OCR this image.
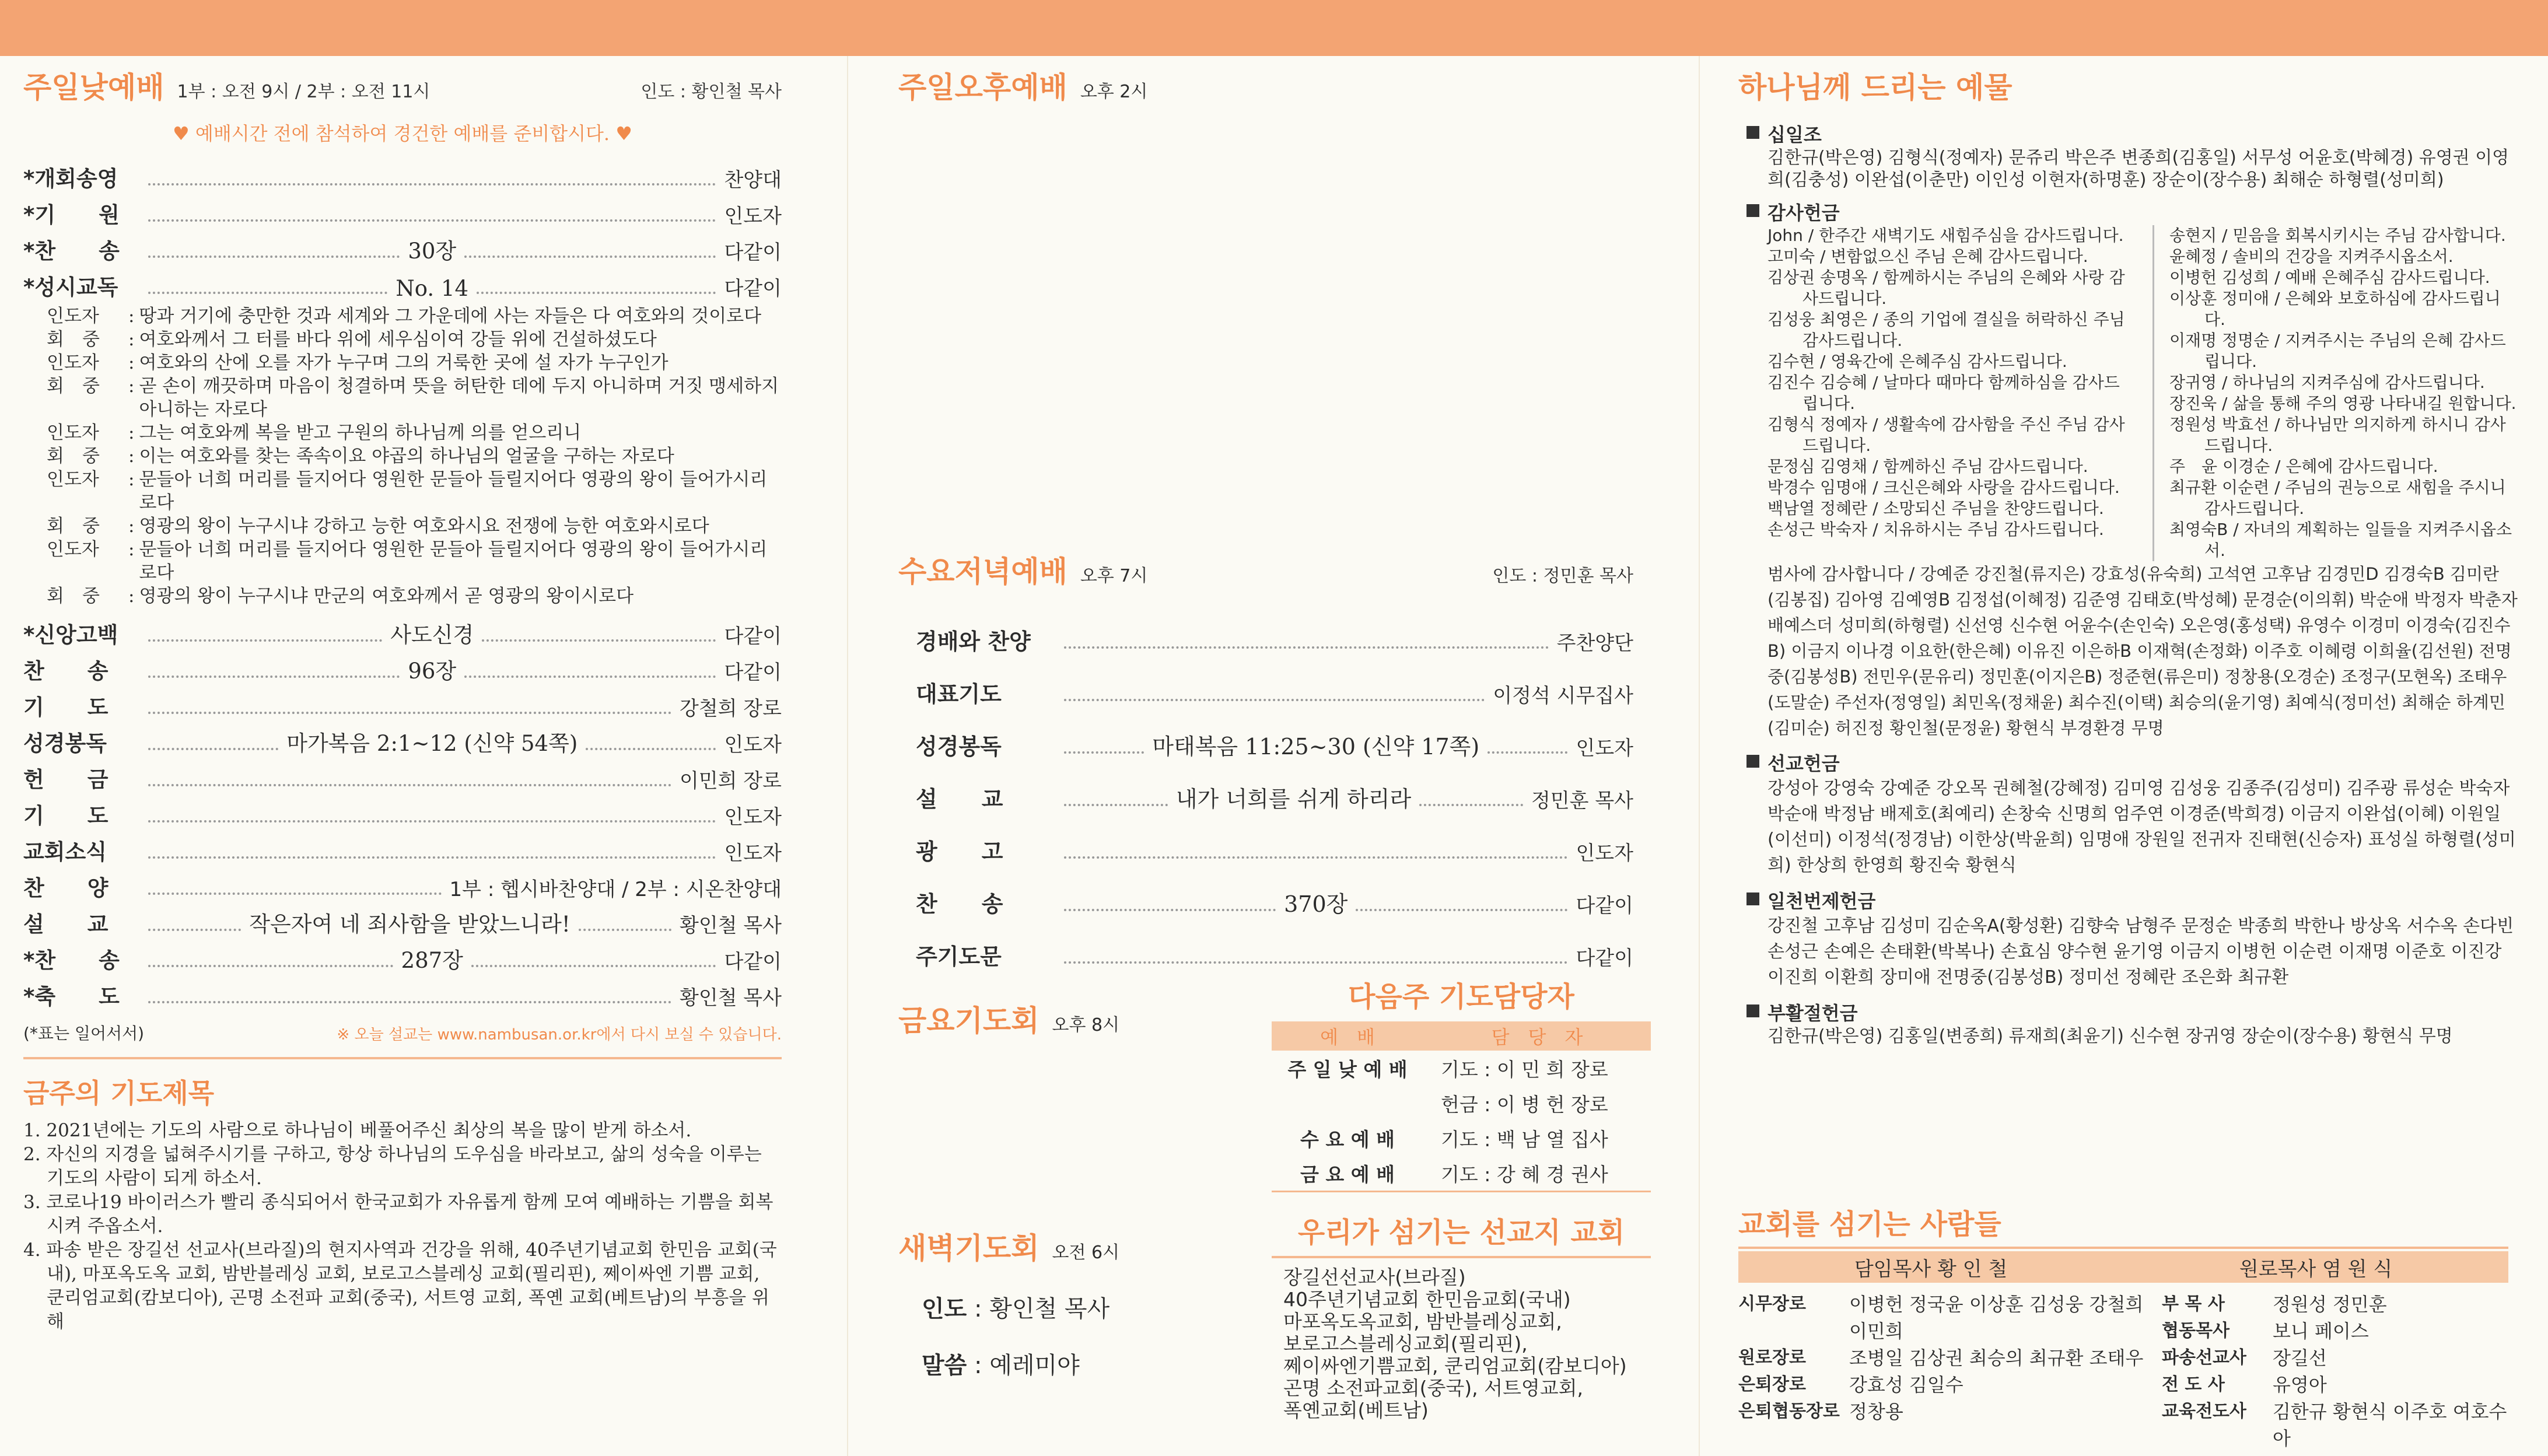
주일낮예배 1부 : 오전 9시 / 2부 : 오전 11시	인도 : 황인철 목사
♥ 예배시간 전에 참석하여 경건한 예배를 준비합시다. ♥
*개회송영	찬양대
*기　　원	인도자
*찬　　송	30장	다같이
*성시교독	No. 14	다같이
인도자	: 땅과 거기에 충만한 것과 세계와 그 가운데에 사는 자들은 다 여호와의 것이로다
회　중	: 여호와께서 그 터를 바다 위에 세우심이여 강들 위에 건설하셨도다
인도자	: 여호와의 산에 오를 자가 누구며 그의 거룩한 곳에 설 자가 누구인가
회　중	: 곧 손이 깨끗하며 마음이 청결하며 뜻을 허탄한 데에 두지 아니하며 거짓 맹세하지 아니하는 자로다
인도자	: 그는 여호와께 복을 받고 구원의 하나님께 의를 얻으리니
회　중	: 이는 여호와를 찾는 족속이요 야곱의 하나님의 얼굴을 구하는 자로다
인도자	: 문들아 너희 머리를 들지어다 영원한 문들아 들릴지어다 영광의 왕이 들어가시리로다
회　중	: 영광의 왕이 누구시냐 강하고 능한 여호와시요 전쟁에 능한 여호와시로다
인도자	: 문들아 너희 머리를 들지어다 영원한 문들아 들릴지어다 영광의 왕이 들어가시리로다
회　중	: 영광의 왕이 누구시냐 만군의 여호와께서 곧 영광의 왕이시로다
*신앙고백	사도신경	다같이
찬　　송	96장	다같이
기　　도	강철희 장로
성경봉독	마가복음 2:1~12 (신약 54쪽)	인도자
헌　　금	이민희 장로
기　　도	인도자
교회소식	인도자
찬　　양	1부 : 헵시바찬양대 / 2부 : 시온찬양대
설　　교	작은자여 네 죄사함을 받았느니라!	황인철 목사
*찬　　송	287장	다같이
*축　　도	황인철 목사
(*표는 일어서서)	※ 오늘 설교는 www.nambusan.or.kr에서 다시 보실 수 있습니다.
금주의 기도제목
1. 2021년에는 기도의 사람으로 하나님이 베풀어주신 최상의 복을 많이 받게 하소서.
2. 자신의 지경을 넓혀주시기를 구하고, 항상 하나님의 도우심을 바라보고, 삶의 성숙을 이루는 기도의 사람이 되게 하소서.
3. 코로나19 바이러스가 빨리 종식되어서 한국교회가 자유롭게 함께 모여 예배하는 기쁨을 회복시켜 주옵소서.
4. 파송 받은 장길선 선교사(브라질)의 현지사역과 건강을 위해, 40주년기념교회 한민음 교회(국내), 마포옥도옥 교회, 밤반블레싱 교회, 보로고스블레싱 교회(필리핀), 쩨이싸엔 기쁨 교회, 쿤리엄교회(캄보디아), 곤명 소전파 교회(중국), 서트영 교회, 폭옌 교회(베트남)의 부흥을 위해
주일오후예배 오후 2시
수요저녁예배 오후 7시	인도 : 정민훈 목사
경배와 찬양	주찬양단
대표기도	이정석 시무집사
성경봉독	마태복음 11:25~30 (신약 17쪽)	인도자
설　　교	내가 너희를 쉬게 하리라	정민훈 목사
광　　고	인도자
찬　　송	370장	다같이
주기도문	다같이
금요기도회 오후 8시
새벽기도회 오전 6시
인도 : 황인철 목사
말씀 : 예레미야
다음주 기도담당자
예　배	담　당　자
주 일 낮 예 배	기도 : 이 민 희 장로
헌금 : 이 병 헌 장로
수 요 예 배	기도 : 백 남 열 집사
금 요 예 배	기도 : 강 혜 경 권사
우리가 섬기는 선교지 교회
장길선선교사(브라질)
40주년기념교회 한민음교회(국내)
마포옥도옥교회, 밤반블레싱교회,
보로고스블레싱교회(필리핀),
쩨이싸엔기쁨교회, 쿤리엄교회(캄보디아)
곤명 소전파교회(중국), 서트영교회,
폭옌교회(베트남)
하나님께 드리는 예물
십일조
김한규(박은영) 김형식(정예자) 문쥬리 박은주 변종희(김홍일) 서무성 어윤호(박혜경) 유영권 이영희(김충성) 이완섭(이춘만) 이인성 이현자(하명훈) 장순이(장수용) 최해순 하형렬(성미희)
감사헌금
John / 한주간 새벽기도 새힘주심을 감사드립니다.
고미숙 / 변함없으신 주님 은혜 감사드립니다.
김상권 송명옥 / 함께하시는 주님의 은혜와 사랑 감사드립니다.
김성웅 최영은 / 종의 기업에 결실을 허락하신 주님 감사드립니다.
김수현 / 영육간에 은혜주심 감사드립니다.
김진수 김승혜 / 날마다 때마다 함께하심을 감사드립니다.
김형식 정예자 / 생활속에 감사함을 주신 주님 감사드립니다.
문정심 김영채 / 함께하신 주님 감사드립니다.
박경수 임명애 / 크신은혜와 사랑을 감사드립니다.
백남열 정혜란 / 소망되신 주님을 찬양드립니다.
손성근 박숙자 / 치유하시는 주님 감사드립니다.
송현지 / 믿음을 회복시키시는 주님 감사합니다.
윤혜정 / 솔비의 건강을 지켜주시옵소서.
이병헌 김성희 / 예배 은혜주심 감사드립니다.
이상훈 정미애 / 은혜와 보호하심에 감사드립니다.
이재명 정명순 / 지켜주시는 주님의 은혜 감사드립니다.
장귀영 / 하나님의 지켜주심에 감사드립니다.
장진욱 / 삶을 통해 주의 영광 나타내길 원합니다.
정원성 박효선 / 하나님만 의지하게 하시니 감사드립니다.
주　윤 이경순 / 은혜에 감사드립니다.
최규환 이순련 / 주님의 권능으로 새힘을 주시니 감사드립니다.
최영숙B / 자녀의 계획하는 일들을 지켜주시옵소서.
범사에 감사합니다 / 강예준 강진철(류지은) 강효성(유숙희) 고석연 고후남 김경민D 김경숙B 김미란(김봉집) 김아영 김예영B 김정섭(이혜정) 김준영 김태호(박성혜) 문경순(이의휘) 박순애 박정자 박춘자 배예스더 성미희(하형렬) 신선영 신수현 어윤수(손인숙) 오은영(홍성택) 유영수 이경미 이경숙(김진수B) 이금지 이나경 이요한(한은혜) 이유진 이은하B 이재혁(손정화) 이주호 이혜령 이희율(김선원) 전명중(김봉성B) 전민우(문유리) 정민훈(이지은B) 정준현(류은미) 정창용(오경순) 조정구(모현옥) 조태우(도말순) 주선자(정영일) 최민옥(정채윤) 최수진(이택) 최승의(윤기영) 최예식(정미선) 최해순 하계민(김미순) 허진정 황인철(문정윤) 황현식 부경환경 무명
선교헌금
강성아 강영숙 강예준 강오목 권혜철(강혜정) 김미영 김성웅 김종주(김성미) 김주광 류성순 박숙자 박순애 박정남 배제호(최예리) 손창숙 신명희 엄주연 이경준(박희경) 이금지 이완섭(이혜) 이원일(이선미) 이정석(정경남) 이한상(박윤희) 임명애 장원일 전귀자 진태현(신승자) 표성실 하형렬(성미희) 한상희 한영희 황진숙 황현식
일천번제헌금
강진철 고후남 김성미 김순옥A(황성환) 김향숙 남형주 문정순 박종희 박한나 방상옥 서수옥 손다빈 손성근 손예은 손태환(박복나) 손효심 양수현 윤기영 이금지 이병헌 이순련 이재명 이준호 이진강 이진희 이환희 장미애 전명중(김봉성B) 정미선 정혜란 조은화 최규환
부활절헌금
김한규(박은영) 김홍일(변종희) 류재희(최윤기) 신수현 장귀영 장순이(장수용) 황현식 무명
교회를 섬기는 사람들
담임목사 황 인 철	원로목사 염 원 식
시무장로	이병헌 정국윤 이상훈 김성웅 강철희 이민희
원로장로	조병일 김상권 최승의 최규환 조태우
은퇴장로	강효성 김일수
은퇴협동장로 정창용
부 목 사	정원성 정민훈
협동목사	보니 페이스
파송선교사	장길선
전 도 사	유영아
교육전도사	김한규 황현식 이주호 여호수아
